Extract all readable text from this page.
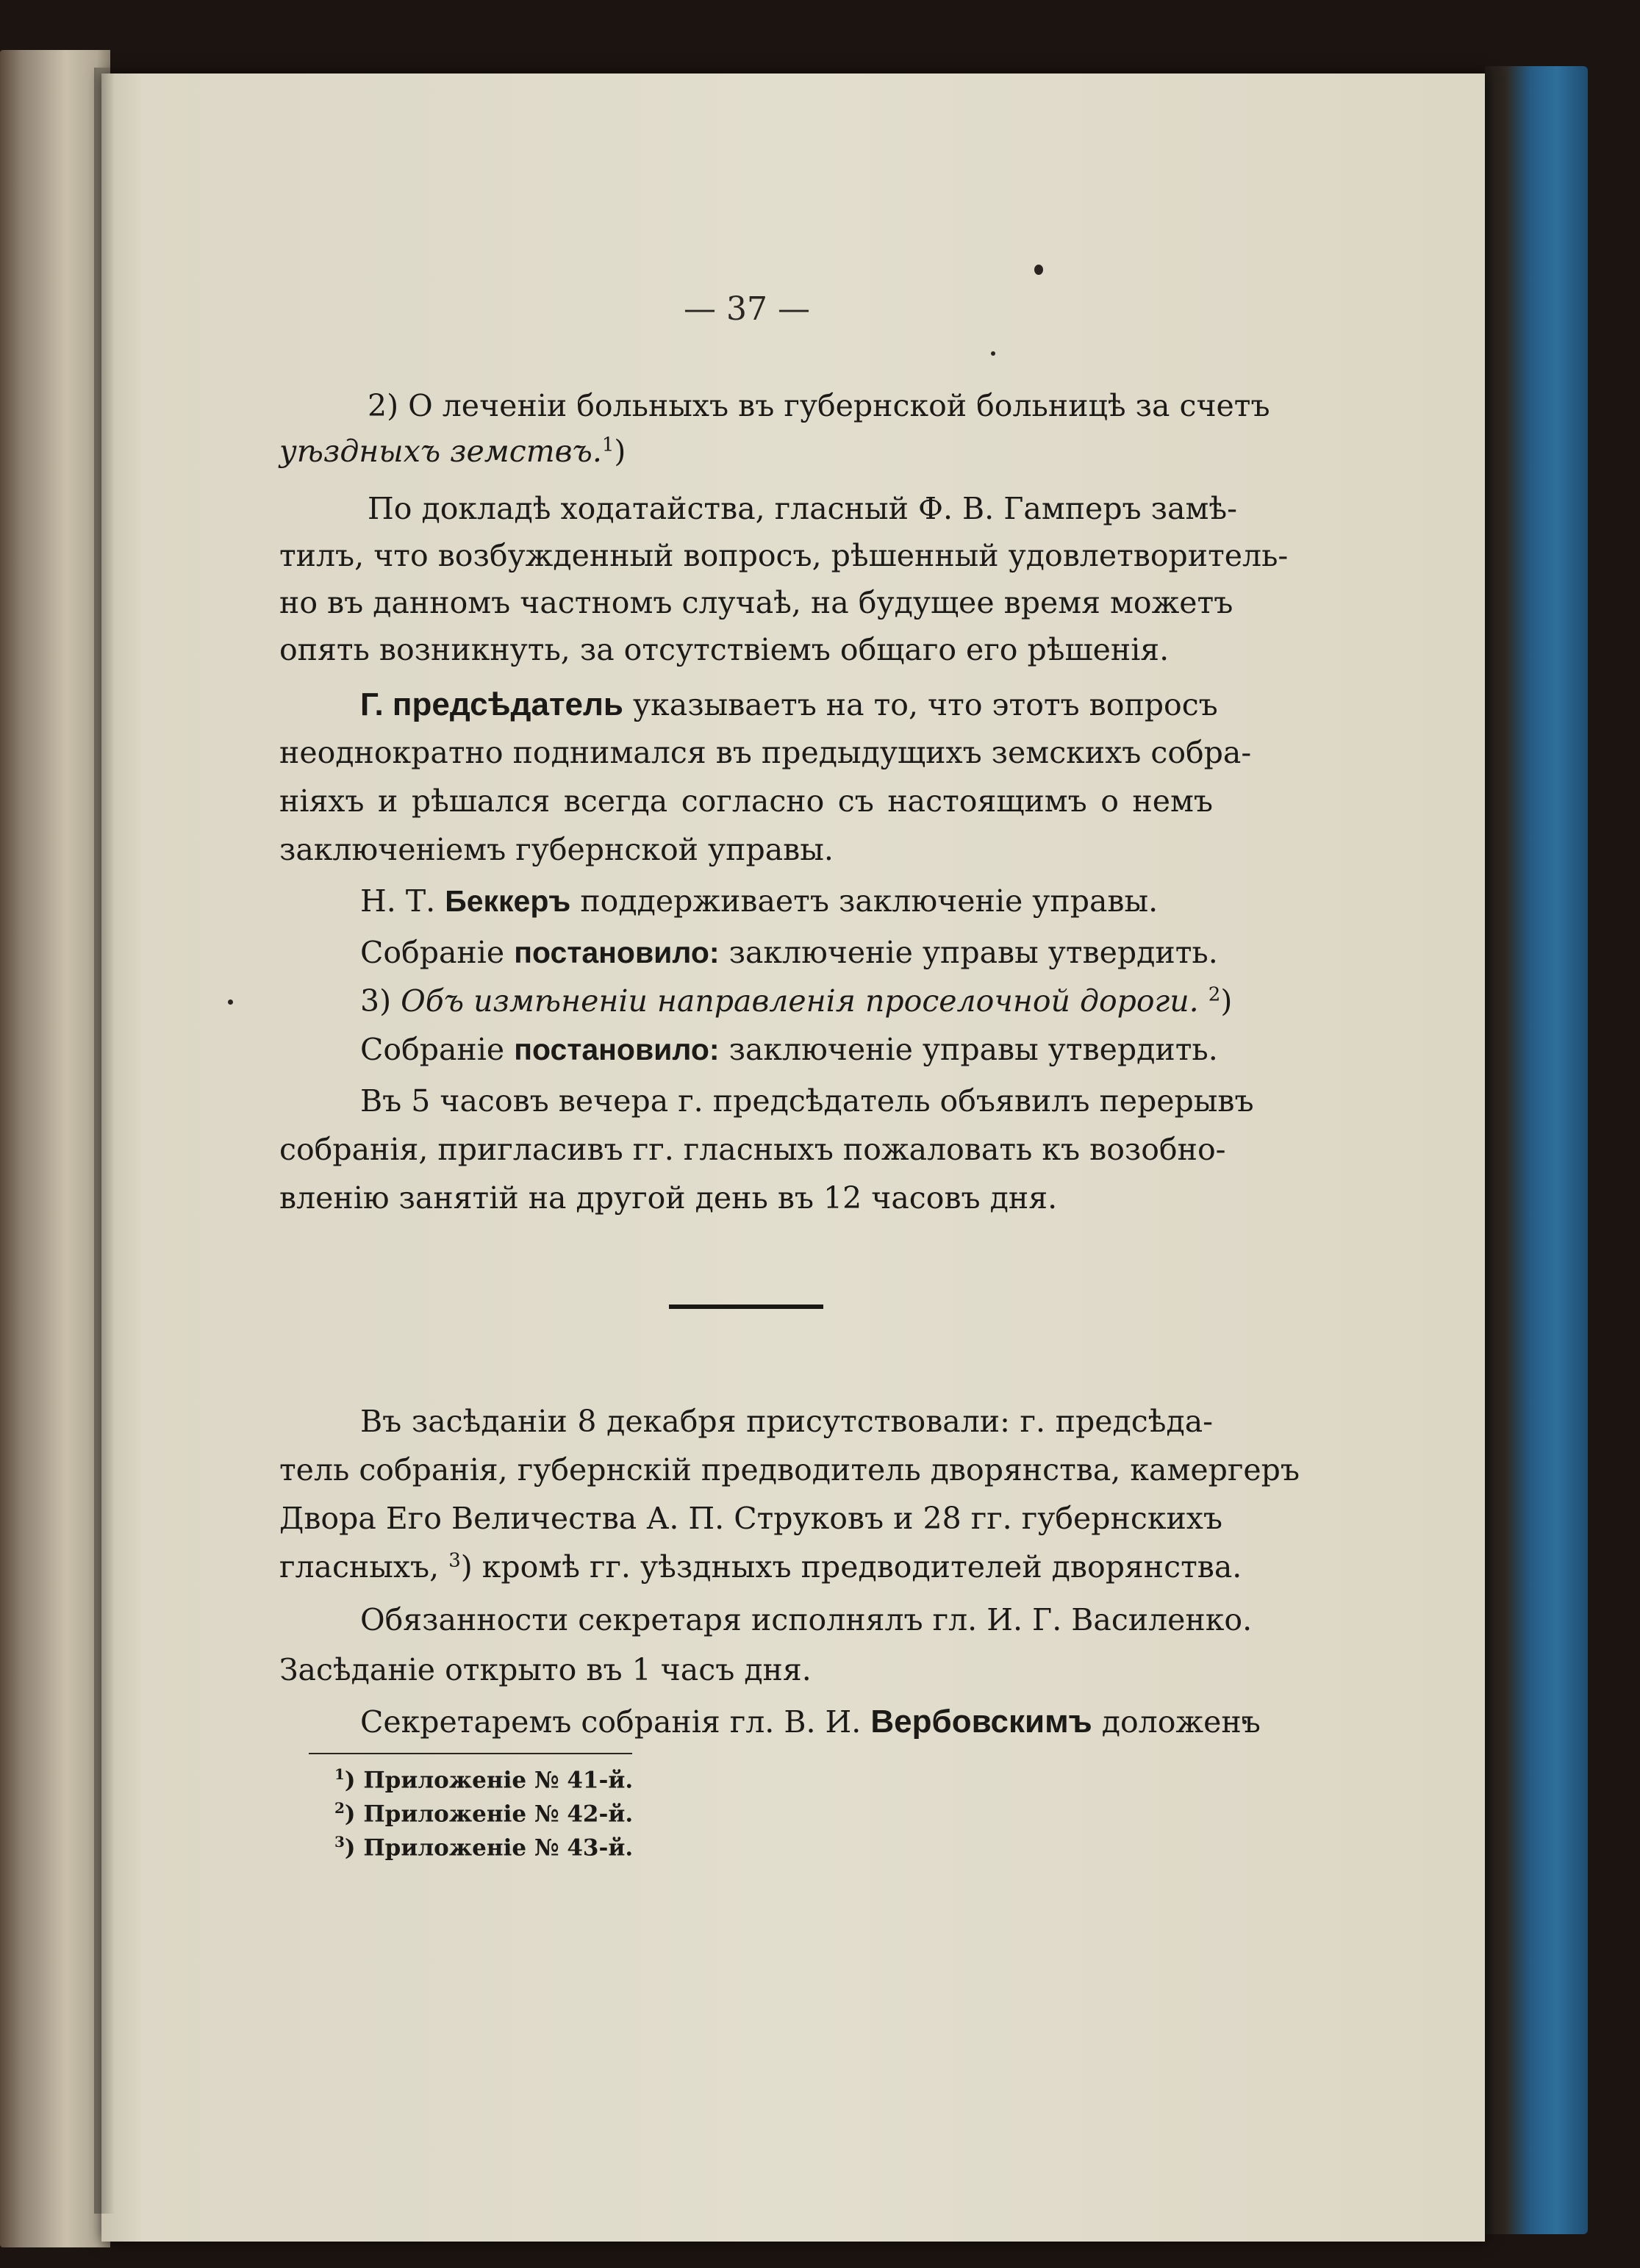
— 37 —
2) О леченіи больныхъ въ губернской больницѣ за счетъ
уѣздныхъ земствъ.$^1$)
По докладѣ ходатайства, гласный Ф. В. Гамперъ замѣ-
тилъ, что возбужденный вопросъ, рѣшенный удовлетворитель-
но въ данномъ частномъ случаѣ, на будущее время можетъ
опять возникнуть, за отсутствіемъ общаго его рѣшенія.
Г. предсѣдатель указываетъ на то, что этотъ вопросъ
неоднократно поднимался въ предыдущихъ земскихъ собра-
ніяхъ и рѣшался всегда согласно съ настоящимъ о немъ
заключеніемъ губернской управы.
Н. Т. Беккеръ поддерживаетъ заключеніе управы.
Собраніе постановило: заключеніе управы утвердить.
3) Объ измѣненіи направленія проселочной дороги. $^2$)
Собраніе постановило: заключеніе управы утвердить.
Въ 5 часовъ вечера г. предсѣдатель объявилъ перерывъ
собранія, пригласивъ гг. гласныхъ пожаловать къ возобно-
вленію занятій на другой день въ 12 часовъ дня.
Въ засѣданіи 8 декабря присутствовали: г. предсѣда-
тель собранія, губернскій предводитель дворянства, камергеръ
Двора Его Величества А. П. Струковъ и 28 гг. губернскихъ
гласныхъ, $^3$) кромѣ гг. уѣздныхъ предводителей дворянства.
Обязанности секретаря исполнялъ гл. И. Г. Василенко.
Засѣданіе открыто въ 1 часъ дня.
Секретаремъ собранія гл. В. И. Вербовскимъ доложенъ
$^1$) Приложеніе № 41-й.
$^2$) Приложеніе № 42-й.
$^3$) Приложеніе № 43-й.
